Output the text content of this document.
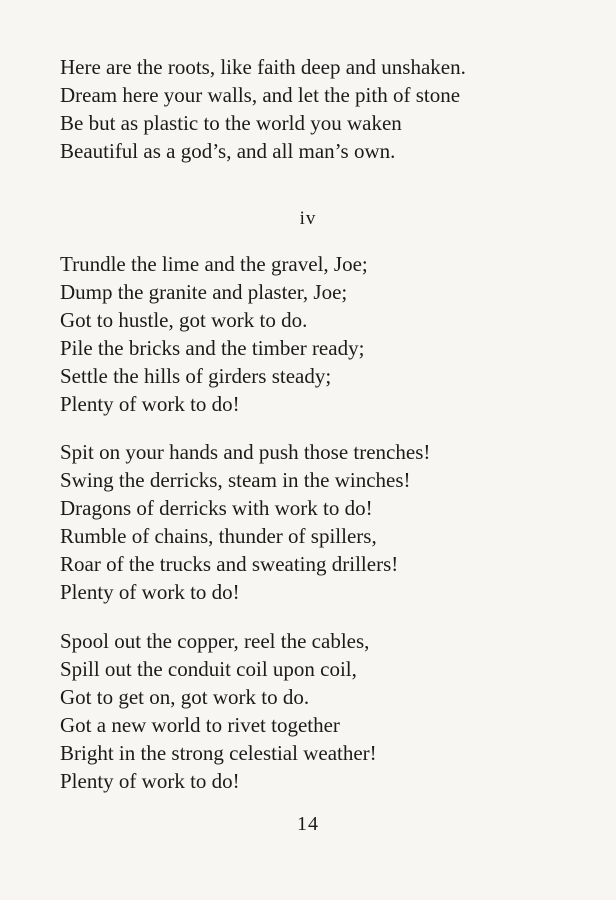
Here are the roots, like faith deep and unshaken.
Dream here your walls, and let the pith of stone
Be but as plastic to the world you waken
Beautiful as a god’s, and all man’s own.
iv
Trundle the lime and the gravel, Joe;
Dump the granite and plaster, Joe;
Got to hustle, got work to do.
Pile the bricks and the timber ready;
Settle the hills of girders steady;
Plenty of work to do!
Spit on your hands and push those trenches!
Swing the derricks, steam in the winches!
Dragons of derricks with work to do!
Rumble of chains, thunder of spillers,
Roar of the trucks and sweating drillers!
Plenty of work to do!
Spool out the copper, reel the cables,
Spill out the conduit coil upon coil,
Got to get on, got work to do.
Got a new world to rivet together
Bright in the strong celestial weather!
Plenty of work to do!
14
